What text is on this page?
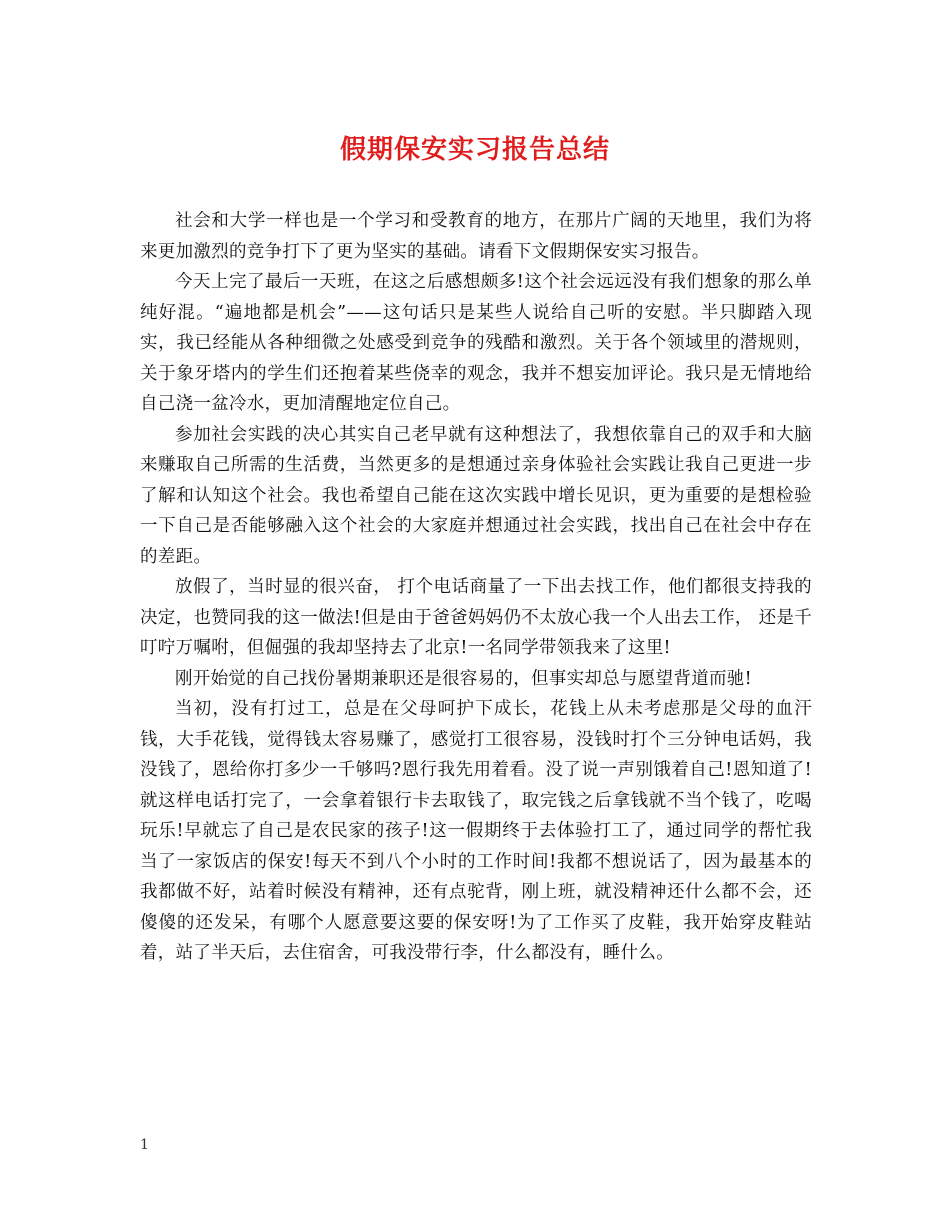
假期保安实习报告总结

社会和大学一样也是一个学习和受教育的地方，在那片广阔的天地里，我们为将来更加激烈的竞争打下了更为坚实的基础。请看下文假期保安实习报告。

今天上完了最后一天班，在这之后感想颇多!这个社会远远没有我们想象的那么单纯好混。“遍地都是机会”——这句话只是某些人说给自己听的安慰。半只脚踏入现实，我已经能从各种细微之处感受到竞争的残酷和激烈。关于各个领域里的潜规则，关于象牙塔内的学生们还抱着某些侥幸的观念，我并不想妄加评论。我只是无情地给自己浇一盆冷水，更加清醒地定位自己。

参加社会实践的决心其实自己老早就有这种想法了，我想依靠自己的双手和大脑来赚取自己所需的生活费，当然更多的是想通过亲身体验社会实践让我自己更进一步了解和认知这个社会。我也希望自己能在这次实践中增长见识，更为重要的是想检验一下自己是否能够融入这个社会的大家庭并想通过社会实践，找出自己在社会中存在的差距。

放假了，当时显的很兴奋， 打个电话商量了一下出去找工作，他们都很支持我的决定，也赞同我的这一做法!但是由于爸爸妈妈仍不太放心我一个人出去工作， 还是千叮咛万嘱咐，但倔强的我却坚持去了北京!一名同学带领我来了这里!

刚开始觉的自己找份暑期兼职还是很容易的，但事实却总与愿望背道而驰!

当初，没有打过工，总是在父母呵护下成长，花钱上从未考虑那是父母的血汗钱，大手花钱，觉得钱太容易赚了，感觉打工很容易，没钱时打个三分钟电话妈，我没钱了，恩给你打多少一千够吗?恩行我先用着看。没了说一声别饿着自己!恩知道了!就这样电话打完了，一会拿着银行卡去取钱了，取完钱之后拿钱就不当个钱了，吃喝玩乐!早就忘了自己是农民家的孩子!这一假期终于去体验打工了，通过同学的帮忙我当了一家饭店的保安!每天不到八个小时的工作时间!我都不想说话了，因为最基本的我都做不好，站着时候没有精神，还有点驼背，刚上班，就没精神还什么都不会，还傻傻的还发呆，有哪个人愿意要这要的保安呀!为了工作买了皮鞋，我开始穿皮鞋站着，站了半天后，去住宿舍，可我没带行李，什么都没有，睡什么。

1
